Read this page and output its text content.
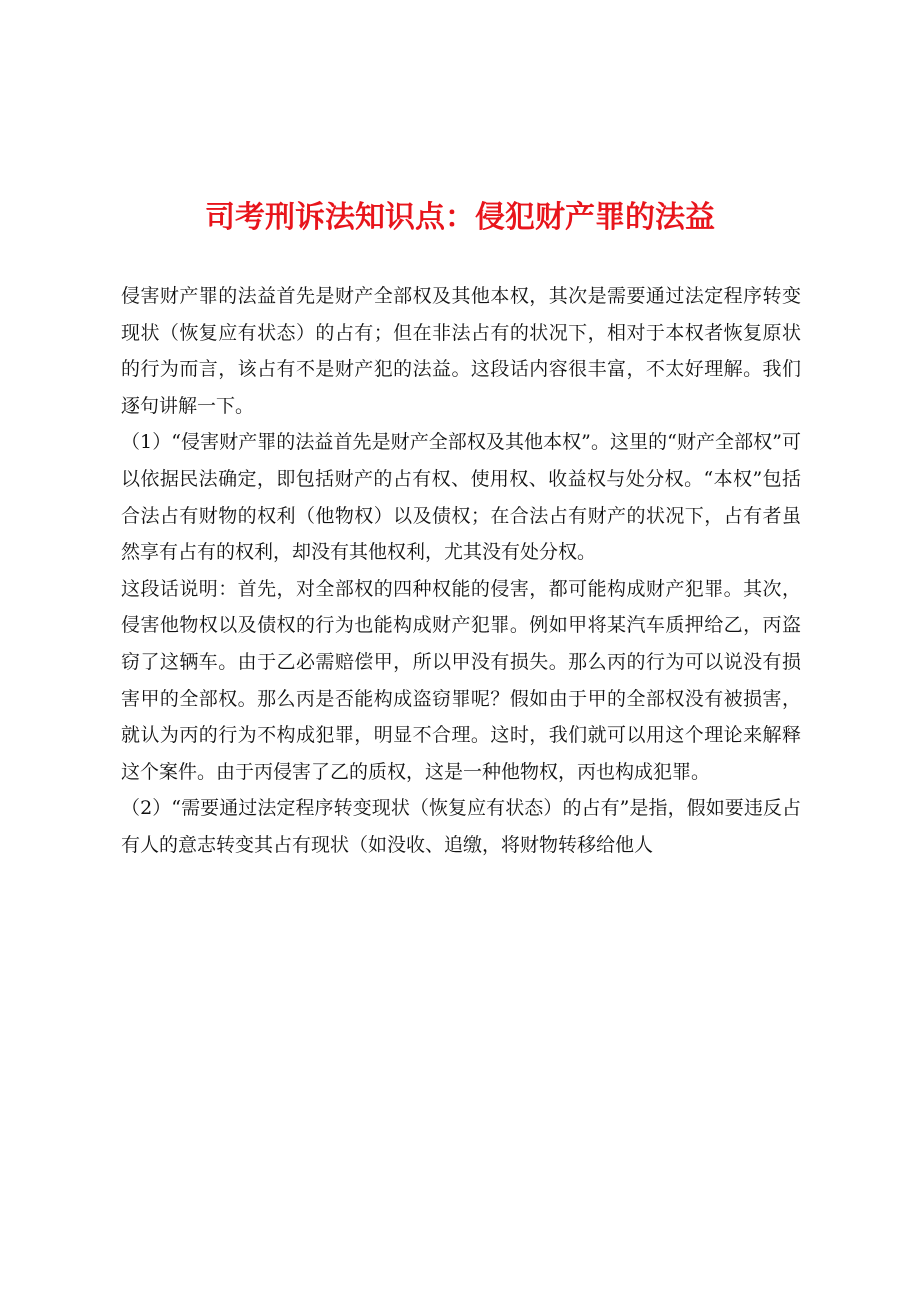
司考刑诉法知识点：侵犯财产罪的法益

侵害财产罪的法益首先是财产全部权及其他本权，其次是需要通过法定程序转变现状（恢复应有状态）的占有；但在非法占有的状况下，相对于本权者恢复原状的行为而言，该占有不是财产犯的法益。这段话内容很丰富，不太好理解。我们逐句讲解一下。

（1）“侵害财产罪的法益首先是财产全部权及其他本权”。这里的“财产全部权”可以依据民法确定，即包括财产的占有权、使用权、收益权与处分权。“本权”包括合法占有财物的权利（他物权）以及债权；在合法占有财产的状况下，占有者虽然享有占有的权利，却没有其他权利，尤其没有处分权。

这段话说明：首先，对全部权的四种权能的侵害，都可能构成财产犯罪。其次，侵害他物权以及债权的行为也能构成财产犯罪。例如甲将某汽车质押给乙，丙盗窃了这辆车。由于乙必需赔偿甲，所以甲没有损失。那么丙的行为可以说没有损害甲的全部权。那么丙是否能构成盗窃罪呢？假如由于甲的全部权没有被损害，就认为丙的行为不构成犯罪，明显不合理。这时，我们就可以用这个理论来解释这个案件。由于丙侵害了乙的质权，这是一种他物权，丙也构成犯罪。

（2）“需要通过法定程序转变现状（恢复应有状态）的占有”是指，假如要违反占有人的意志转变其占有现状（如没收、追缴，将财物转移给他人
